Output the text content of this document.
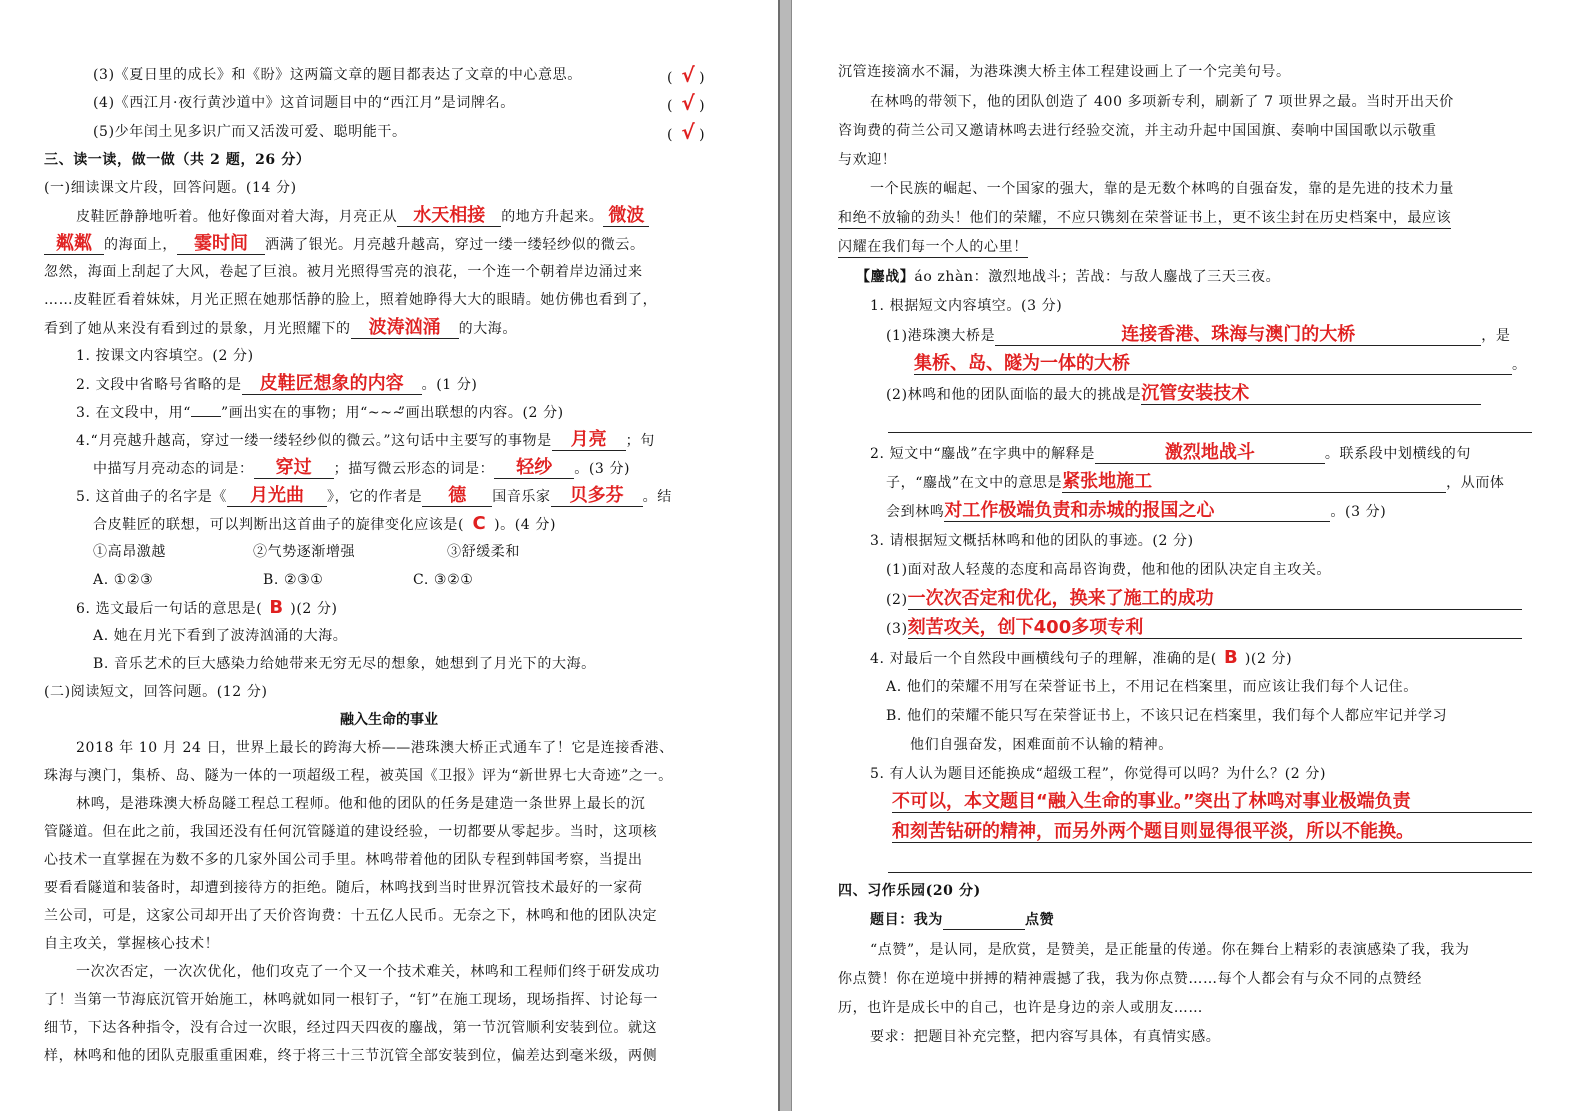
(3)《夏日里的成长》和《盼》这两篇文章的题目都表达了文章的中心意思。	( √ )
(4)《西江月·夜行黄沙道中》这首词题目中的“西江月”是词牌名。	( √ )
(5)少年闰土见多识广而又活泼可爱、聪明能干。	( √ )
三、读一读，做一做（共 2 题，26 分）
(一)细读课文片段，回答问题。(14 分)
皮鞋匠静静地听着。他好像面对着大海，月亮正从 水天相接 的地方升起来。 微波
粼粼 的海面上， 霎时间 洒满了银光。月亮越升越高，穿过一缕一缕轻纱似的微云。
忽然，海面上刮起了大风，卷起了巨浪。被月光照得雪亮的浪花，一个连一个朝着岸边涌过来
……皮鞋匠看着妹妹，月光正照在她那恬静的脸上，照着她睁得大大的眼睛。她仿佛也看到了，
看到了她从来没有看到过的景象，月光照耀下的 波涛汹涌 的大海。
1. 按课文内容填空。(2 分)
2. 文段中省略号省略的是 皮鞋匠想象的内容 。(1 分)
3. 在文段中，用“ ”画出实在的事物；用“~~~”画出联想的内容。(2 分)
4.“月亮越升越高，穿过一缕一缕轻纱似的微云。”这句话中主要写的事物是 月亮 ；句
中描写月亮动态的词是： 穿过 ；描写微云形态的词是： 轻纱 。(3 分)
5. 这首曲子的名字是《 月光曲 》，它的作者是 德 国音乐家 贝多芬 。结
合皮鞋匠的联想，可以判断出这首曲子的旋律变化应该是( C )。(4 分)
①高昂激越	②气势逐渐增强	③舒缓柔和
A. ①②③	B. ②③①	C. ③②①
6. 选文最后一句话的意思是( B )(2 分)
A. 她在月光下看到了波涛汹涌的大海。
B. 音乐艺术的巨大感染力给她带来无穷无尽的想象，她想到了月光下的大海。
(二)阅读短文，回答问题。(12 分)
融入生命的事业
2018 年 10 月 24 日，世界上最长的跨海大桥——港珠澳大桥正式通车了！它是连接香港、
珠海与澳门，集桥、岛、隧为一体的一项超级工程，被英国《卫报》评为“新世界七大奇迹”之一。
林鸣，是港珠澳大桥岛隧工程总工程师。他和他的团队的任务是建造一条世界上最长的沉
管隧道。但在此之前，我国还没有任何沉管隧道的建设经验，一切都要从零起步。当时，这项核
心技术一直掌握在为数不多的几家外国公司手里。林鸣带着他的团队专程到韩国考察，当提出
要看看隧道和装备时，却遭到接待方的拒绝。随后，林鸣找到当时世界沉管技术最好的一家荷
兰公司，可是，这家公司却开出了天价咨询费：十五亿人民币。无奈之下，林鸣和他的团队决定
自主攻关，掌握核心技术！
一次次否定，一次次优化，他们攻克了一个又一个技术难关，林鸣和工程师们终于研发成功
了！当第一节海底沉管开始施工，林鸣就如同一根钉子，“钉”在施工现场，现场指挥、讨论每一
细节，下达各种指令，没有合过一次眼，经过四天四夜的鏖战，第一节沉管顺利安装到位。就这
样，林鸣和他的团队克服重重困难，终于将三十三节沉管全部安装到位，偏差达到毫米级，两侧
沉管连接滴水不漏，为港珠澳大桥主体工程建设画上了一个完美句号。
在林鸣的带领下，他的团队创造了 400 多项新专利，刷新了 7 项世界之最。当时开出天价
咨询费的荷兰公司又邀请林鸣去进行经验交流，并主动升起中国国旗、奏响中国国歌以示敬重
与欢迎！
一个民族的崛起、一个国家的强大，靠的是无数个林鸣的自强奋发，靠的是先进的技术力量
和绝不放输的劲头！他们的荣耀，不应只镌刻在荣誉证书上，更不该尘封在历史档案中，最应该
闪耀在我们每一个人的心里！
【鏖战】áo zhàn：激烈地战斗；苦战：与敌人鏖战了三天三夜。
1. 根据短文内容填空。(3 分)
(1)港珠澳大桥是	连接香港、珠海与澳门的大桥	，是
集桥、岛、隧为一体的大桥	。
(2)林鸣和他的团队面临的最大的挑战是沉管安装技术
2. 短文中“鏖战”在字典中的解释是	激烈地战斗	。联系段中划横线的句
子，“鏖战”在文中的意思是紧张地施工	，从而体
会到林鸣对工作极端负责和赤城的报国之心	。(3 分)
3. 请根据短文概括林鸣和他的团队的事迹。(2 分)
(1)面对敌人轻蔑的态度和高昂咨询费，他和他的团队决定自主攻关。
(2)一次次否定和优化，换来了施工的成功
(3)刻苦攻关，创下400多项专利
4. 对最后一个自然段中画横线句子的理解，准确的是( B )(2 分)
A. 他们的荣耀不用写在荣誉证书上，不用记在档案里，而应该让我们每个人记住。
B. 他们的荣耀不能只写在荣誉证书上，不该只记在档案里，我们每个人都应牢记并学习
他们自强奋发，困难面前不认输的精神。
5. 有人认为题目还能换成“超级工程”，你觉得可以吗？为什么？(2 分)
不可以，本文题目“融入生命的事业。”突出了林鸣对事业极端负责
和刻苦钻研的精神，而另外两个题目则显得很平淡，所以不能换。
四、习作乐园(20 分)
题目：我为	点赞
“点赞”，是认同，是欣赏，是赞美，是正能量的传递。你在舞台上精彩的表演感染了我，我为
你点赞！你在逆境中拼搏的精神震撼了我，我为你点赞……每个人都会有与众不同的点赞经
历，也许是成长中的自己，也许是身边的亲人或朋友……
要求：把题目补充完整，把内容写具体，有真情实感。
